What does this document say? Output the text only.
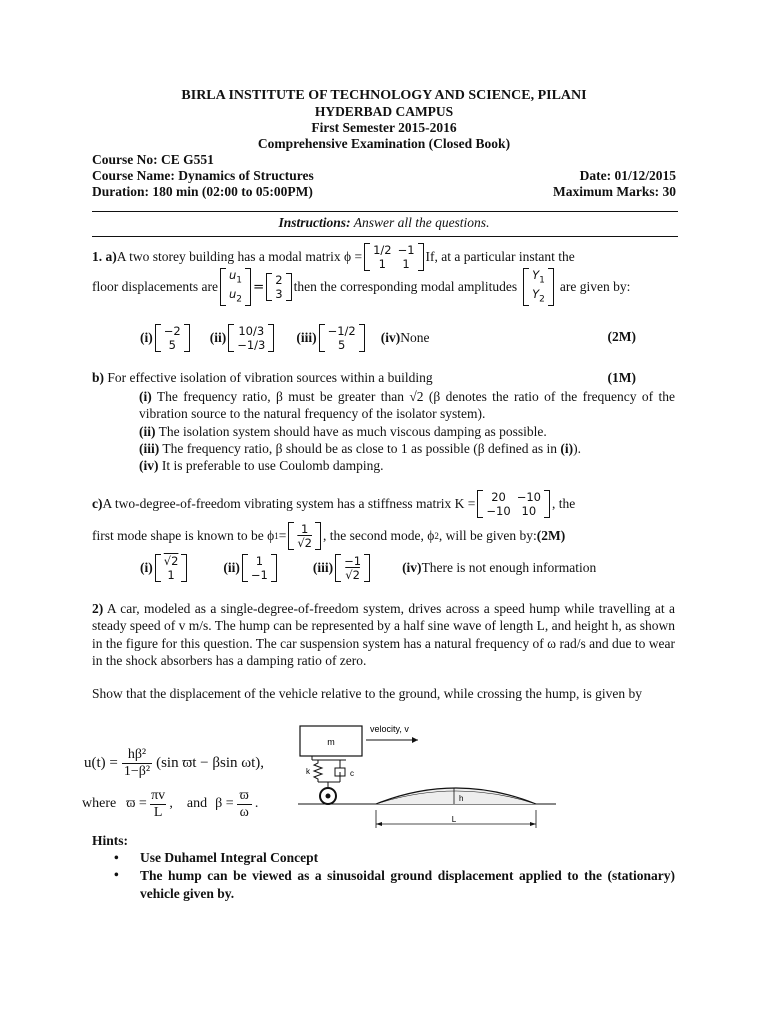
BIRLA INSTITUTE OF TECHNOLOGY AND SCIENCE, PILANI
HYDERBAD CAMPUS
First Semester 2015-2016
Comprehensive Examination (Closed Book)
Course No: CE G551
Course Name: Dynamics of Structures	Date: 01/12/2015
Duration: 180 min (02:00 to 05:00PM)	Maximum Marks: 30
Instructions: Answer all the questions.
1. a) A two storey building has a modal matrix ϕ = 1/2	−1
1	1 If, at a particular instant the
floor displacements are
$u_1$
$u_2$
= 2
3 then the corresponding modal amplitudes
$Y_1$
$Y_2$
are given by:
(i) −2
5	(ii) 10/3
−1/3 (iii) −1/2
5	(iv) None	(2M)
b) For effective isolation of vibration sources within a building	(1M)
(i) The frequency ratio, β must be greater than √2 (β denotes the ratio of the frequency of the vibration source to the natural frequency of the isolator system).
(ii) The isolation system should have as much viscous damping as possible.
(iii) The frequency ratio, β should be as close to 1 as possible (β defined as in (i)).
(iv) It is preferable to use Coulomb damping.
c) A two-degree-of-freedom vibrating system has a stiffness matrix K = 20	−10
−10	10 , the
first mode shape is known to be ϕ 1 = 1
√2 , the second mode, ϕ 2 , will be given by: (2M)
(i) √2
1	(ii) 1
−1	(iii) −1
√2	(iv) There is not enough information
2) A car, modeled as a single-degree-of-freedom system, drives across a speed hump while travelling at a steady speed of v m/s. The hump can be represented by a half sine wave of length L, and height h, as shown in the figure for this question. The car suspension system has a natural frequency of ω rad/s and due to wear in the shock absorbers has a damping ratio of zero.
Show that the displacement of the vehicle relative to the ground, while crossing the hump, is given by
$u(t) = \frac{\text{hβ²}}{\text{1−β²}} (\sin$ ϖt − βsin ωt),
where $ϖ = \frac{\pi v}{L}$ , and $\beta = \frac{ϖ}{\omega}$ .
m
velocity, v
k	c
h
L
Hints:
• Use Duhamel Integral Concept
• The hump can be viewed as a sinusoidal ground displacement applied to the (stationary) vehicle given by.
